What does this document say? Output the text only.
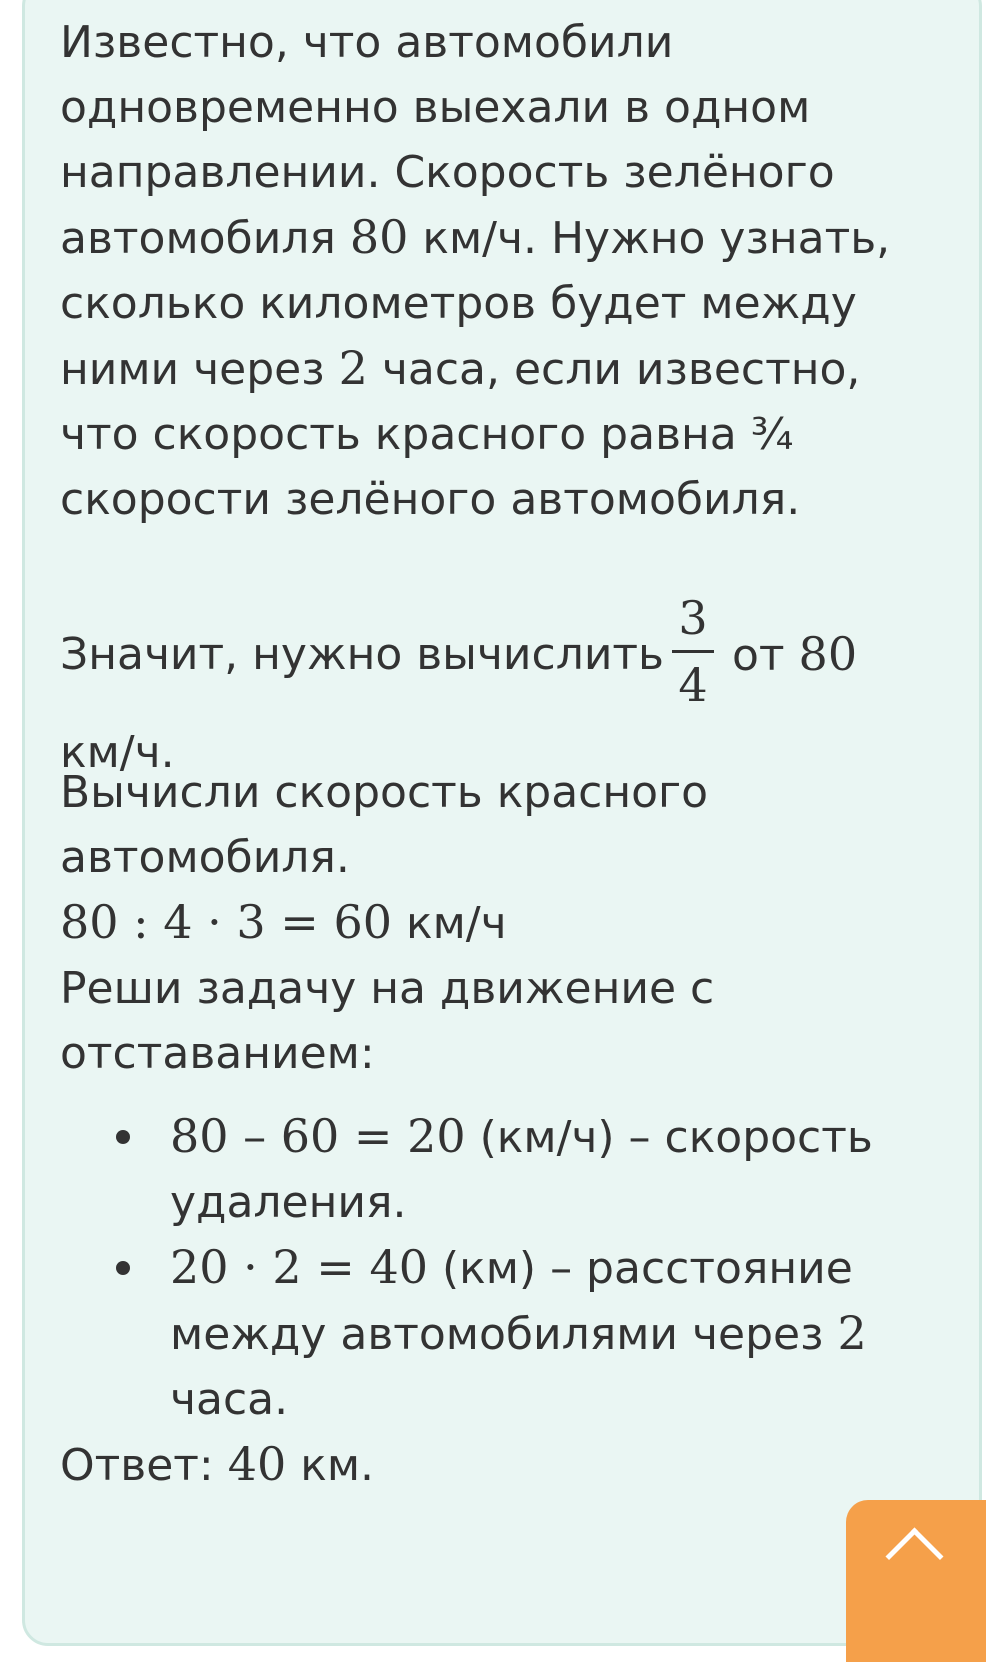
Известно, что автомобили
одновременно выехали в одном
направлении. Скорость зелёного
автомобиля 80 км/ч. Нужно узнать,
сколько километров будет между
ними через 2 часа, если известно,
что скорость красного равна ¾
скорости зелёного автомобиля.

Значит, нужно вычислить
3
4
от 80
км/ч.

Вычисли скорость красного
автомобиля.

80 : 4 · 3 = 60 км/ч

Реши задачу на движение с
отставанием:

80 – 60 = 20 (км/ч) – скорость
удаления.
20 · 2 = 40 (км) – расстояние
между автомобилями через 2
часа.

Ответ: 40 км.
